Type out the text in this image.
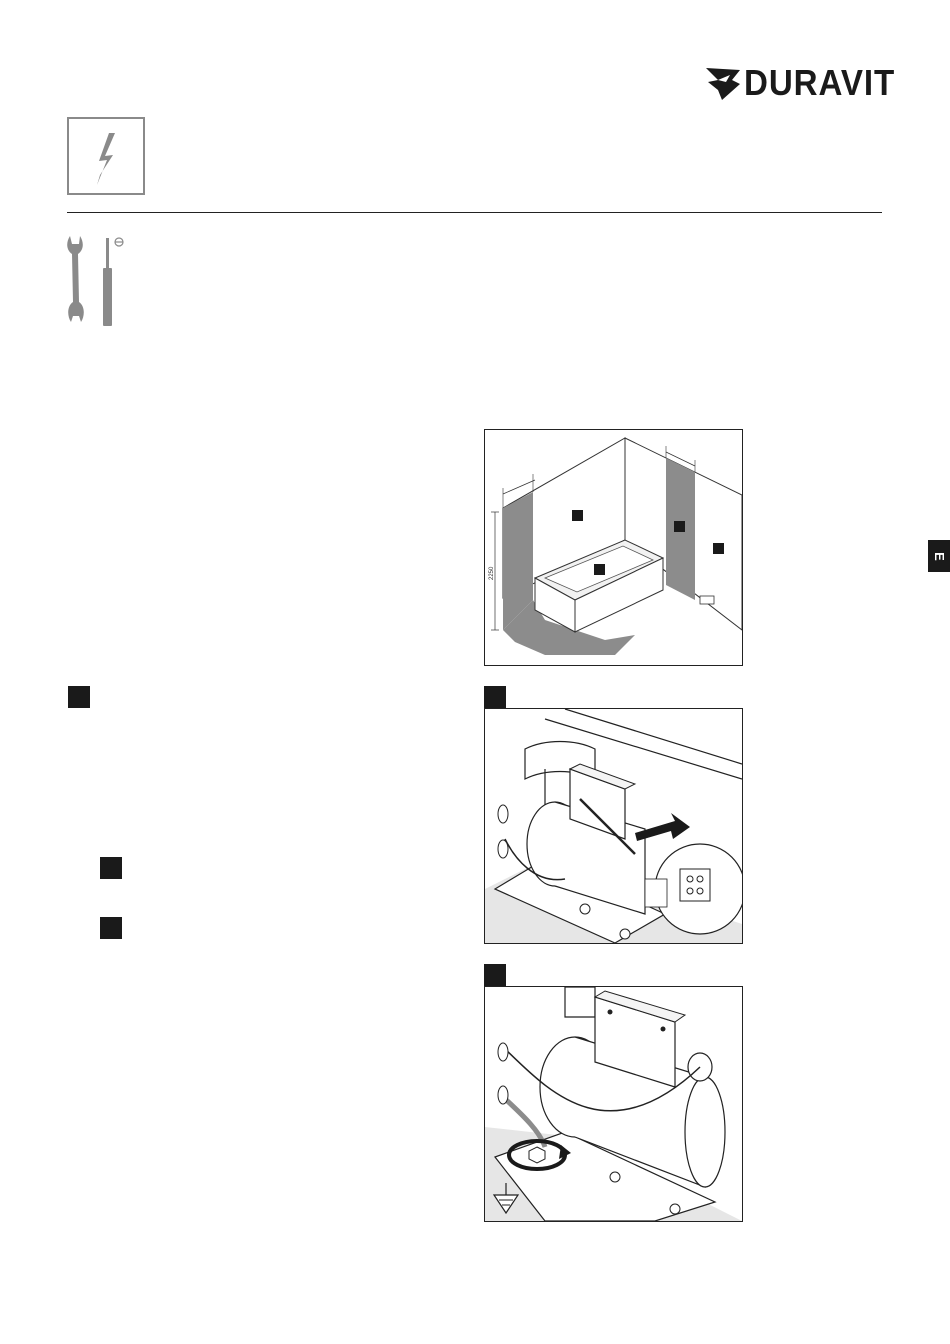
DURAVIT
2250
E
